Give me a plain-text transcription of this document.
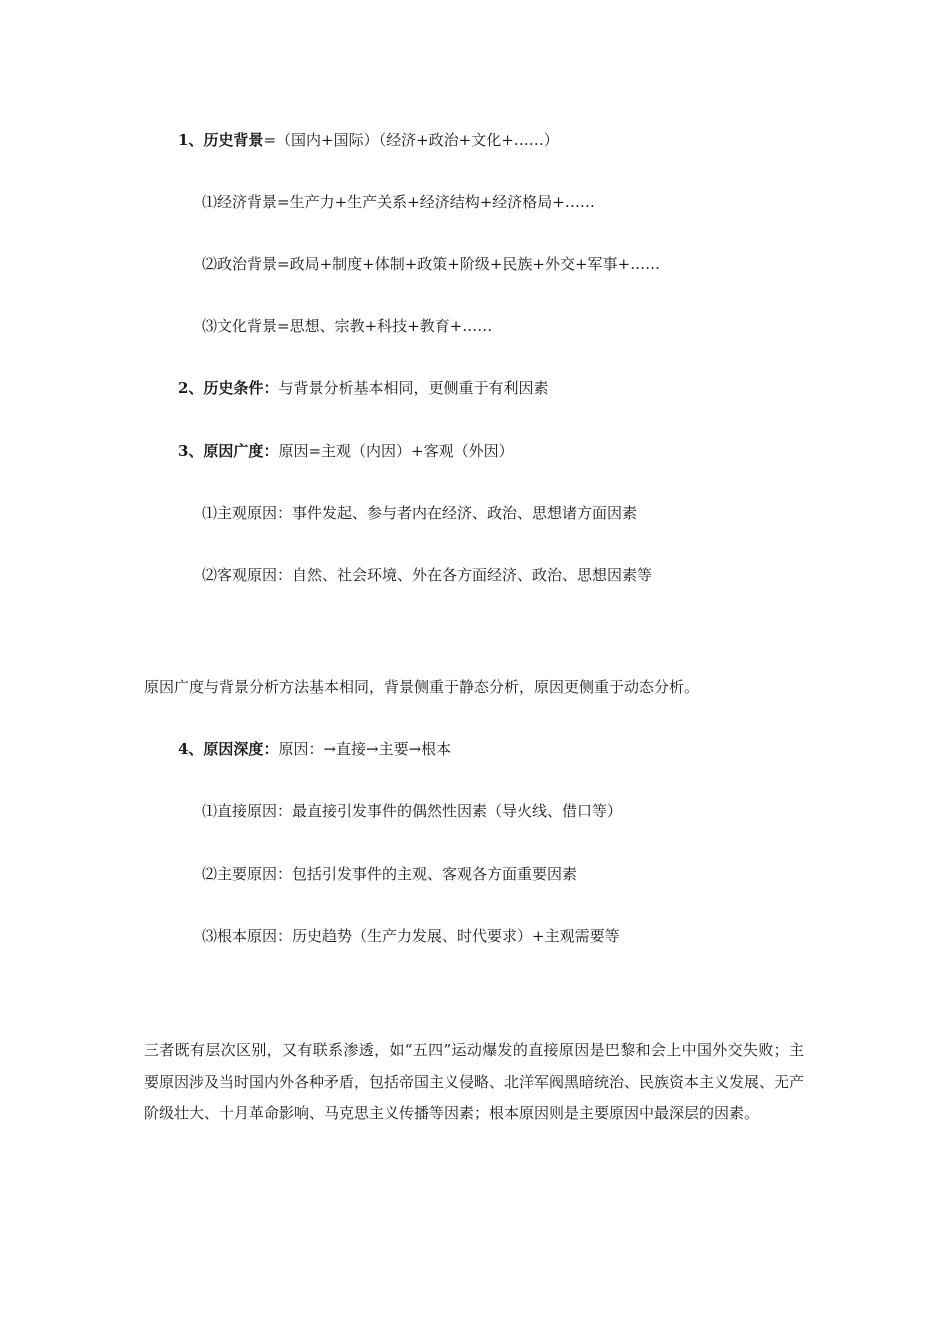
1、历史背景=（国内+国际）（经济+政治+文化+……）
⑴经济背景=生产力+生产关系+经济结构+经济格局+……
⑵政治背景=政局+制度+体制+政策+阶级+民族+外交+军事+……
⑶文化背景=思想、宗教+科技+教育+……
2、历史条件：与背景分析基本相同，更侧重于有利因素
3、原因广度：原因=主观（内因）+客观（外因）
⑴主观原因：事件发起、参与者内在经济、政治、思想诸方面因素
⑵客观原因：自然、社会环境、外在各方面经济、政治、思想因素等
原因广度与背景分析方法基本相同，背景侧重于静态分析，原因更侧重于动态分析。
4、原因深度：原因：→直接→主要→根本
⑴直接原因：最直接引发事件的偶然性因素（导火线、借口等）
⑵主要原因：包括引发事件的主观、客观各方面重要因素
⑶根本原因：历史趋势（生产力发展、时代要求）+主观需要等
三者既有层次区别，又有联系渗透，如“五四”运动爆发的直接原因是巴黎和会上中国外交失败；主要原因涉及当时国内外各种矛盾，包括帝国主义侵略、北洋军阀黑暗统治、民族资本主义发展、无产阶级壮大、十月革命影响、马克思主义传播等因素；根本原因则是主要原因中最深层的因素。
